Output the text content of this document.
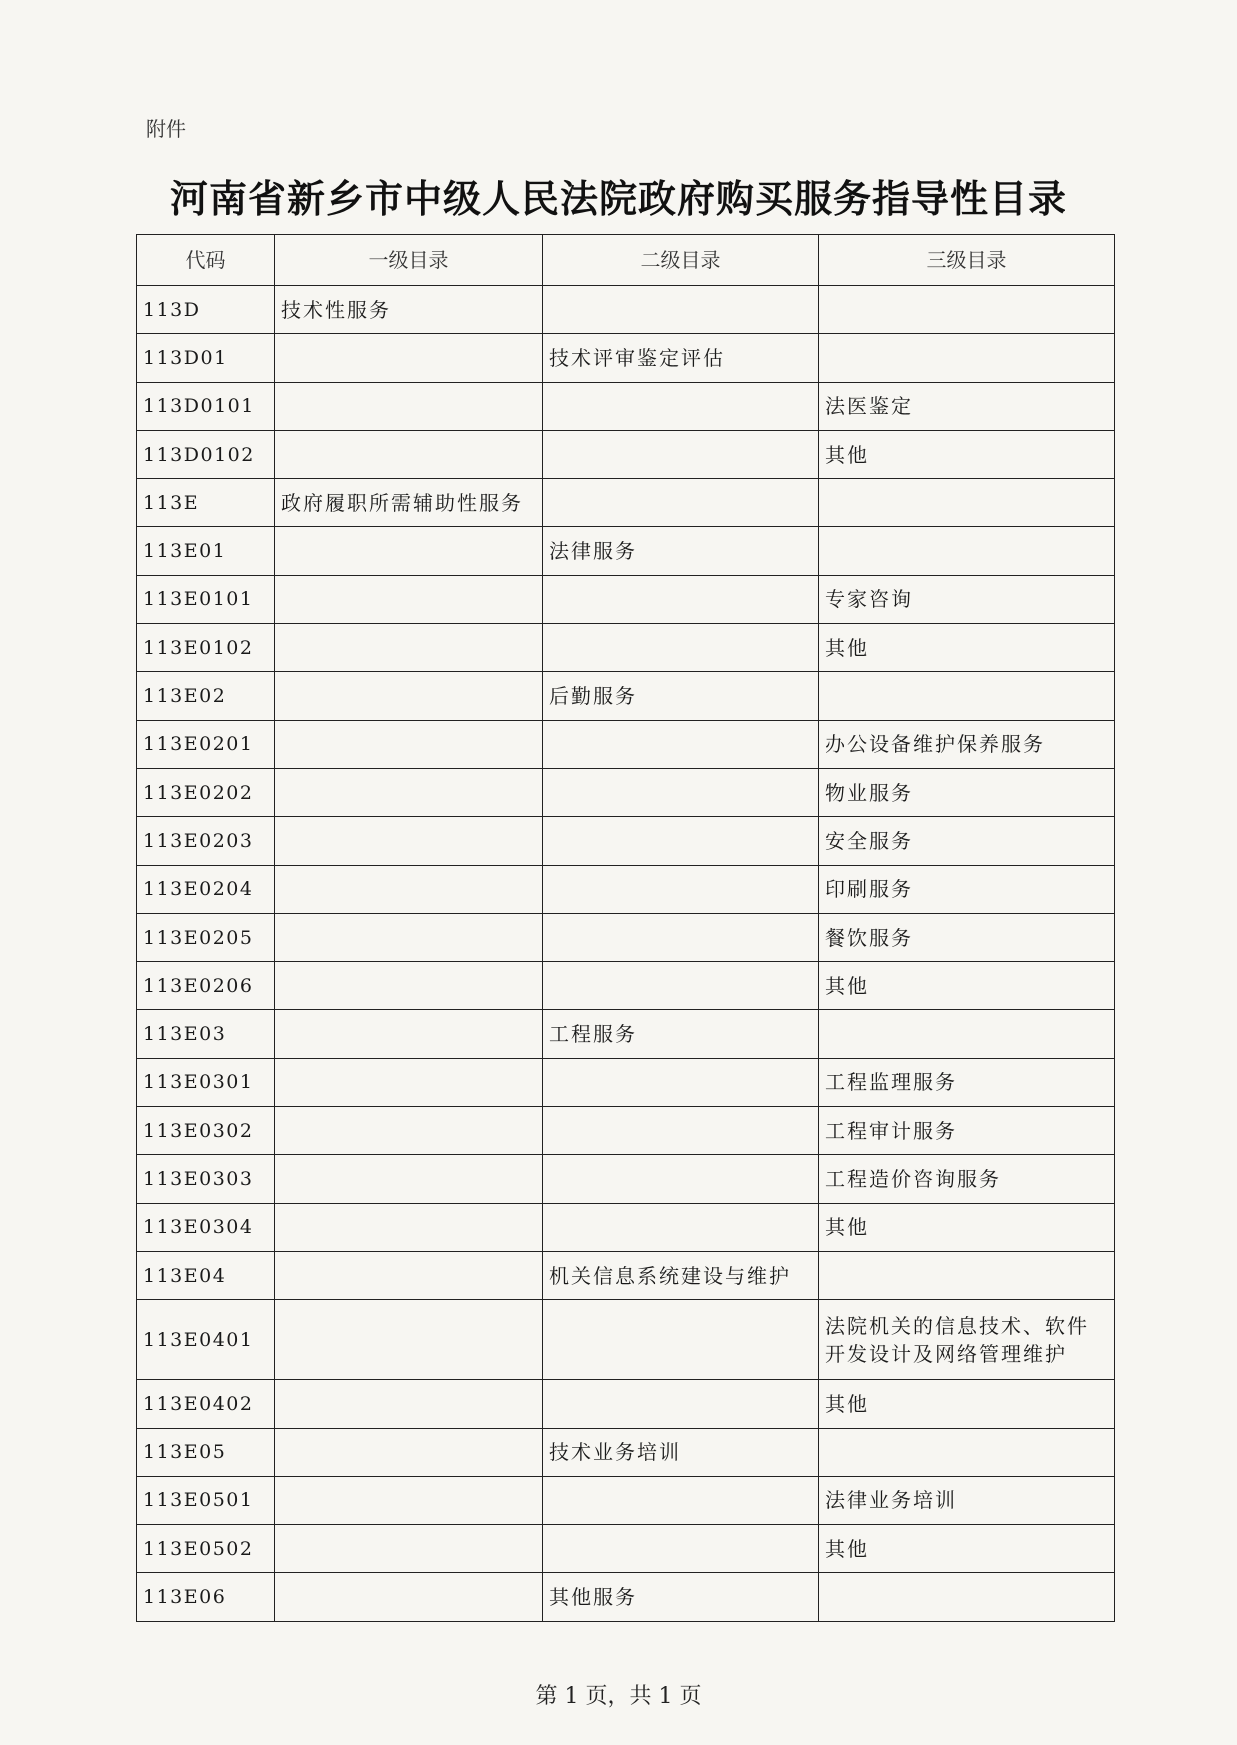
附件
河南省新乡市中级人民法院政府购买服务指导性目录
代码	一级目录	二级目录	三级目录
113D	技术性服务		
113D01		技术评审鉴定评估	
113D0101			法医鉴定
113D0102			其他
113E	政府履职所需辅助性服务		
113E01		法律服务	
113E0101			专家咨询
113E0102			其他
113E02		后勤服务	
113E0201			办公设备维护保养服务
113E0202			物业服务
113E0203			安全服务
113E0204			印刷服务
113E0205			餐饮服务
113E0206			其他
113E03		工程服务	
113E0301			工程监理服务
113E0302			工程审计服务
113E0303			工程造价咨询服务
113E0304			其他
113E04		机关信息系统建设与维护	
113E0401			法院机关的信息技术、软件开发设计及网络管理维护
113E0402			其他
113E05		技术业务培训	
113E0501			法律业务培训
113E0502			其他
113E06		其他服务	
第 1 页，共 1 页
